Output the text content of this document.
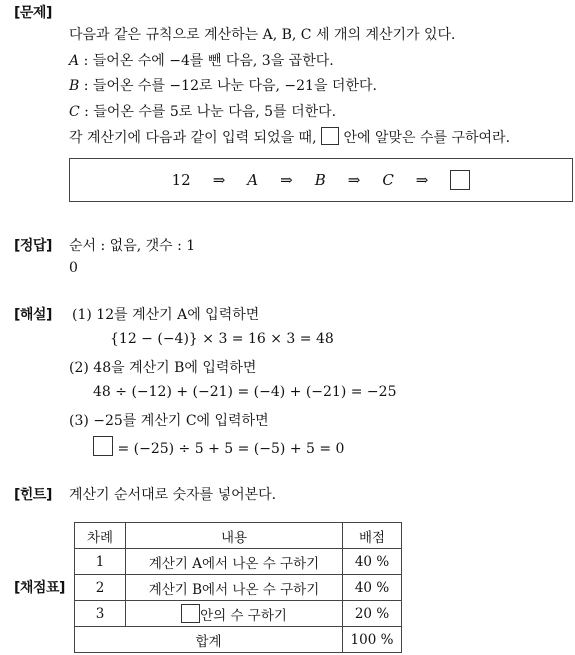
[문제]
다음과 같은 규칙으로 계산하는 A, B, C 세 개의 계산기가 있다.
A : 들어온 수에 −4를 뺀 다음, 3을 곱한다.
B : 들어온 수를 −12로 나눈 다음, −21을 더한다.
C : 들어온 수를 5로 나눈 다음, 5를 더한다.
각 계산기에 다음과 같이 입력 되었을 때, 안에 알맞은 수를 구하여라.
12 ⇒ A ⇒ B ⇒ C ⇒
[정답] 순서 : 없음, 갯수 : 1
0
[해설] (1) 12를 계산기 A에 입력하면
{12 − (−4)} × 3 = 16 × 3 = 48
(2) 48을 계산기 B에 입력하면
48 ÷ (−12) + (−21) = (−4) + (−21) = −25
(3) −25를 계산기 C에 입력하면
= (−25) ÷ 5 + 5 = (−5) + 5 = 0
[힌트] 계산기 순서대로 숫자를 넣어본다.
[채점표]
차례	내용	배점
1	계산기 A에서 나온 수 구하기	40 %
2	계산기 B에서 나온 수 구하기	40 %
3	안의 수 구하기	20 %
합계		100 %
